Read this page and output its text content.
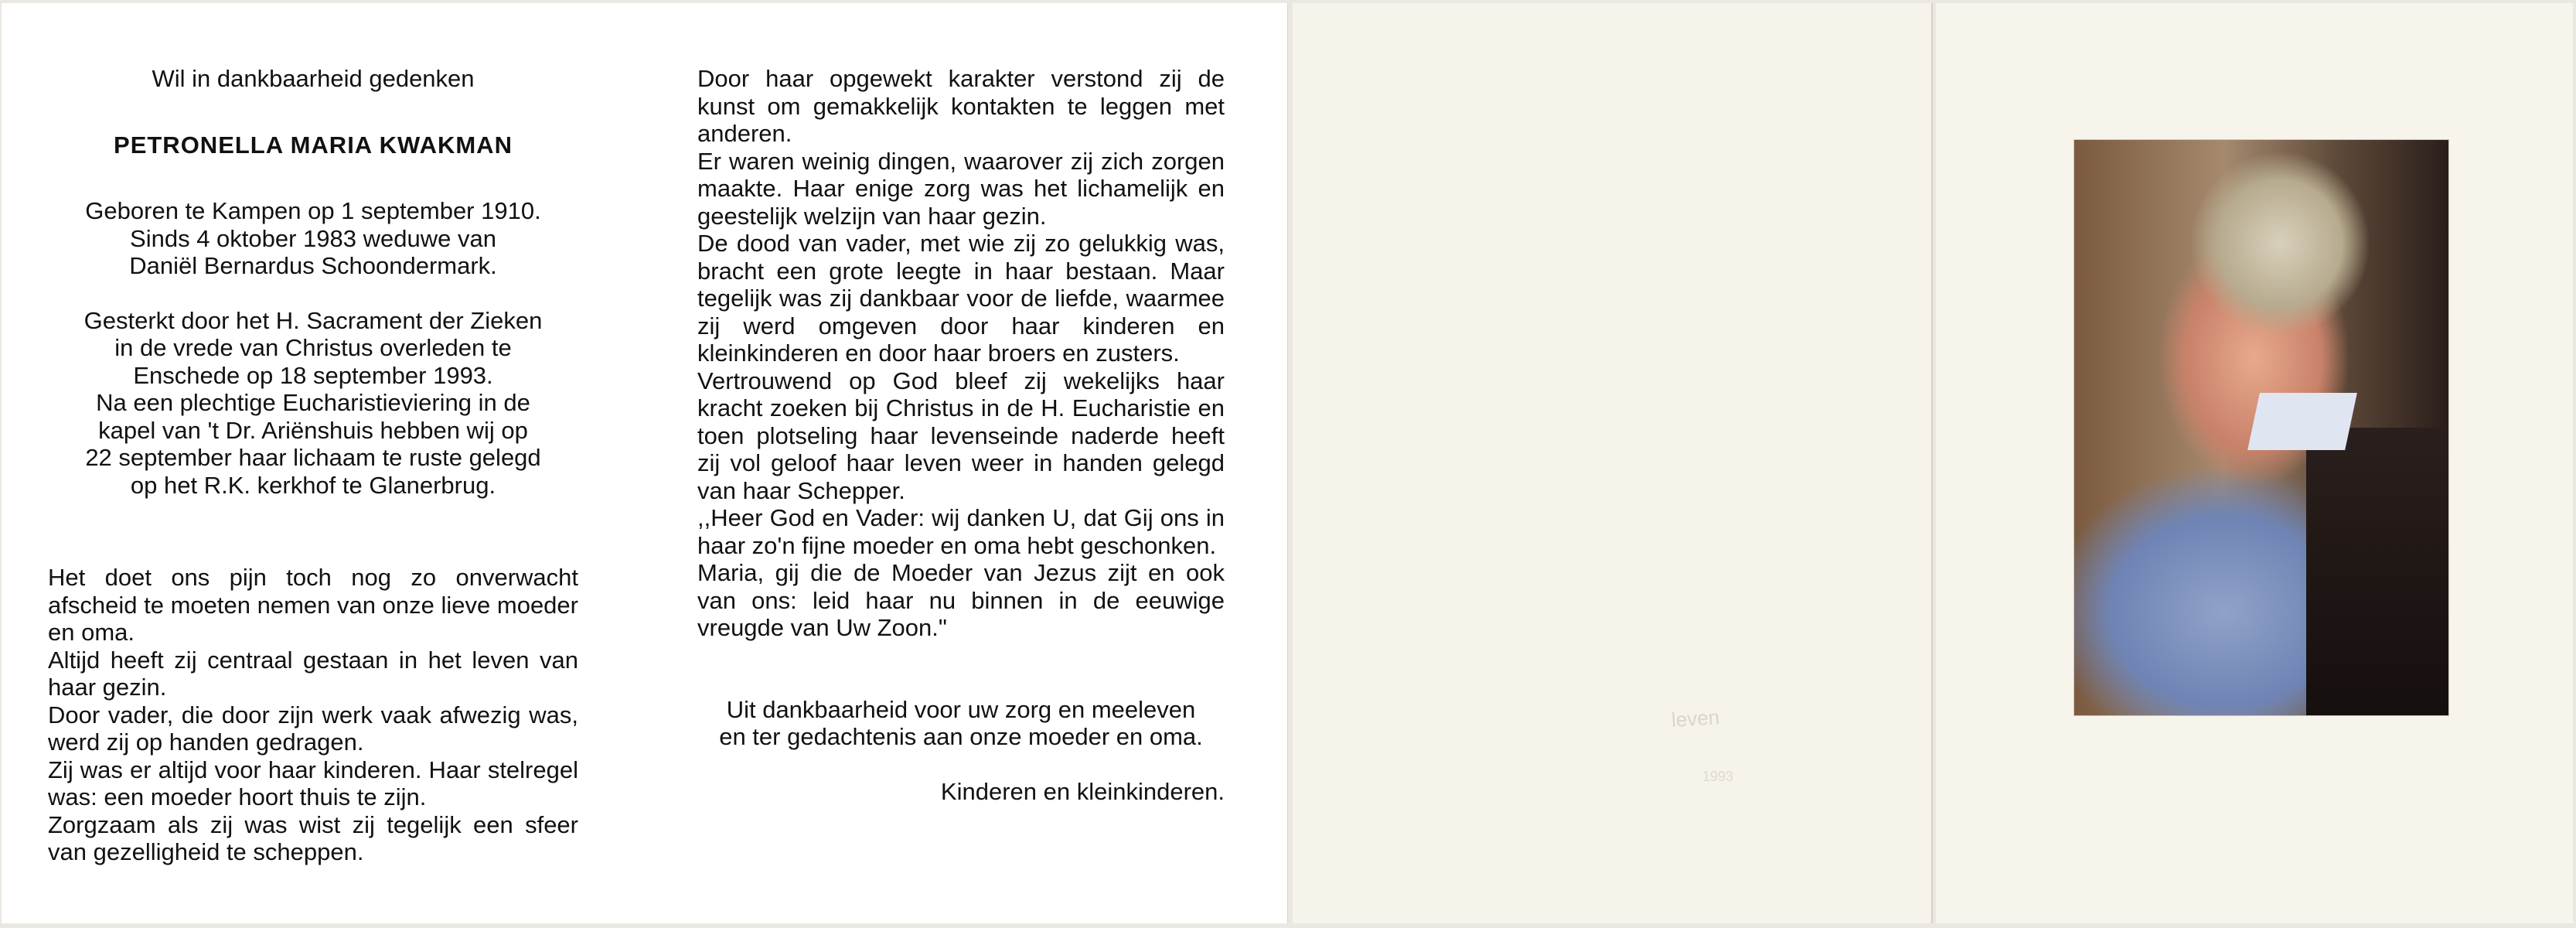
Wil in dankbaarheid gedenken

PETRONELLA MARIA KWAKMAN

Geboren te Kampen op 1 september 1910.

Sinds 4 oktober 1983 weduwe van

Daniël Bernardus Schoondermark.

Gesterkt door het H. Sacrament der Zieken

in de vrede van Christus overleden te

Enschede op 18 september 1993.

Na een plechtige Eucharistieviering in de

kapel van 't Dr. Ariënshuis hebben wij op

22 september haar lichaam te ruste gelegd

op het R.K. kerkhof te Glanerbrug.

Het doet ons pijn toch nog zo onverwacht afscheid te moeten nemen van onze lieve moeder en oma.

Altijd heeft zij centraal gestaan in het leven van haar gezin.

Door vader, die door zijn werk vaak afwezig was, werd zij op handen gedragen.

Zij was er altijd voor haar kinderen. Haar stelregel was: een moeder hoort thuis te zijn.

Zorgzaam als zij was wist zij tegelijk een sfeer van gezelligheid te scheppen.

Door haar opgewekt karakter verstond zij de kunst om gemakkelijk kontakten te leggen met anderen.

Er waren weinig dingen, waarover zij zich zorgen maakte. Haar enige zorg was het lichamelijk en geestelijk welzijn van haar gezin.

De dood van vader, met wie zij zo gelukkig was, bracht een grote leegte in haar bestaan. Maar tegelijk was zij dankbaar voor de liefde, waarmee zij werd omgeven door haar kinderen en kleinkinderen en door haar broers en zusters.

Vertrouwend op God bleef zij wekelijks haar kracht zoeken bij Christus in de H. Eucharistie en toen plotseling haar levenseinde naderde heeft zij vol geloof haar leven weer in handen gelegd van haar Schepper.

,,Heer God en Vader: wij danken U, dat Gij ons in haar zo'n fijne moeder en oma hebt geschonken.

Maria, gij die de Moeder van Jezus zijt en ook van ons: leid haar nu binnen in de eeuwige vreugde van Uw Zoon."

Uit dankbaarheid voor uw zorg en meeleven

en ter gedachtenis aan onze moeder en oma.

Kinderen en kleinkinderen.

leven
1993
